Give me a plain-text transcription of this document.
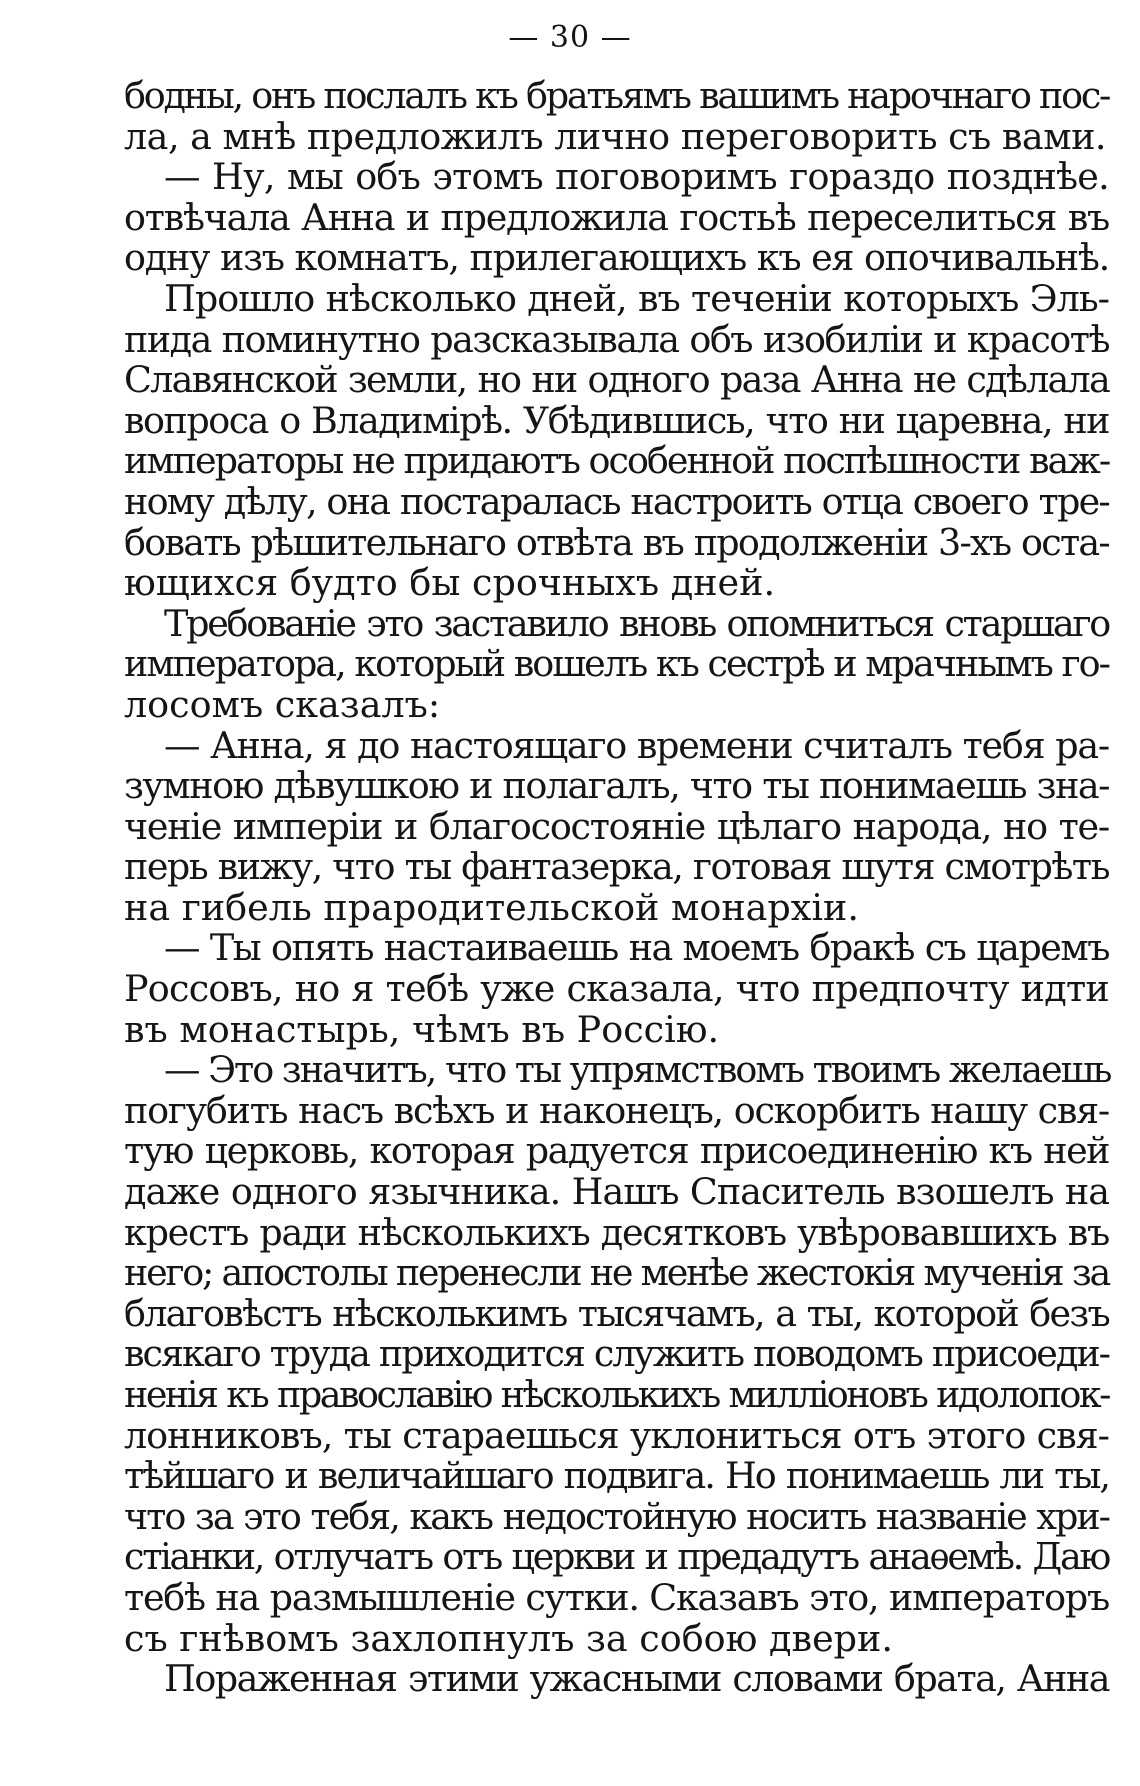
— 30 —
бодны, онъ послалъ къ братьямъ вашимъ нарочнаго пос-
ла, а мнѣ предложилъ лично переговорить съ вами.
— Ну, мы объ этомъ поговоримъ гораздо позднѣе.
отвѣчала Анна и предложила гостьѣ переселиться въ
одну изъ комнатъ, прилегающихъ къ ея опочивальнѣ.
Прошло нѣсколько дней, въ теченіи которыхъ Эль-
пида поминутно разсказывала объ изобиліи и красотѣ
Славянской земли, но ни одного раза Анна не сдѣлала
вопроса о Владимірѣ. Убѣдившись, что ни царевна, ни
императоры не придаютъ особенной поспѣшности важ-
ному дѣлу, она постаралась настроить отца своего тре-
бовать рѣшительнаго отвѣта въ продолженіи 3-хъ оста-
ющихся будто бы срочныхъ дней.
Требованіе это заставило вновь опомниться старшаго
императора, который вошелъ къ сестрѣ и мрачнымъ го-
лосомъ сказалъ:
— Анна, я до настоящаго времени считалъ тебя ра-
зумною дѣвушкою и полагалъ, что ты понимаешь зна-
ченіе имперіи и благосостояніе цѣлаго народа, но те-
перь вижу, что ты фантазерка, готовая шутя смотрѣть
на гибель прародительской монархіи.
— Ты опять настаиваешь на моемъ бракѣ съ царемъ
Россовъ, но я тебѣ уже сказала, что предпочту идти
въ монастырь, чѣмъ въ Россію.
— Это значитъ, что ты упрямствомъ твоимъ желаешь
погубить насъ всѣхъ и наконецъ, оскорбить нашу свя-
тую церковь, которая радуется присоединенію къ ней
даже одного язычника. Нашъ Спаситель взошелъ на
крестъ ради нѣсколькихъ десятковъ увѣровавшихъ въ
него; апостолы перенесли не менѣе жестокія мученія за
благовѣстъ нѣсколькимъ тысячамъ, а ты, которой безъ
всякаго труда приходится служить поводомъ присоеди-
ненія къ православію нѣсколькихъ милліоновъ идолопок-
лонниковъ, ты стараешься уклониться отъ этого свя-
тѣйшаго и величайшаго подвига. Но понимаешь ли ты,
что за это тебя, какъ недостойную носить названіе хри-
стіанки, отлучатъ отъ церкви и предадутъ анаѳемѣ. Даю
тебѣ на размышленіе сутки. Сказавъ это, императоръ
съ гнѣвомъ захлопнулъ за собою двери.
Пораженная этими ужасными словами брата, Анна
